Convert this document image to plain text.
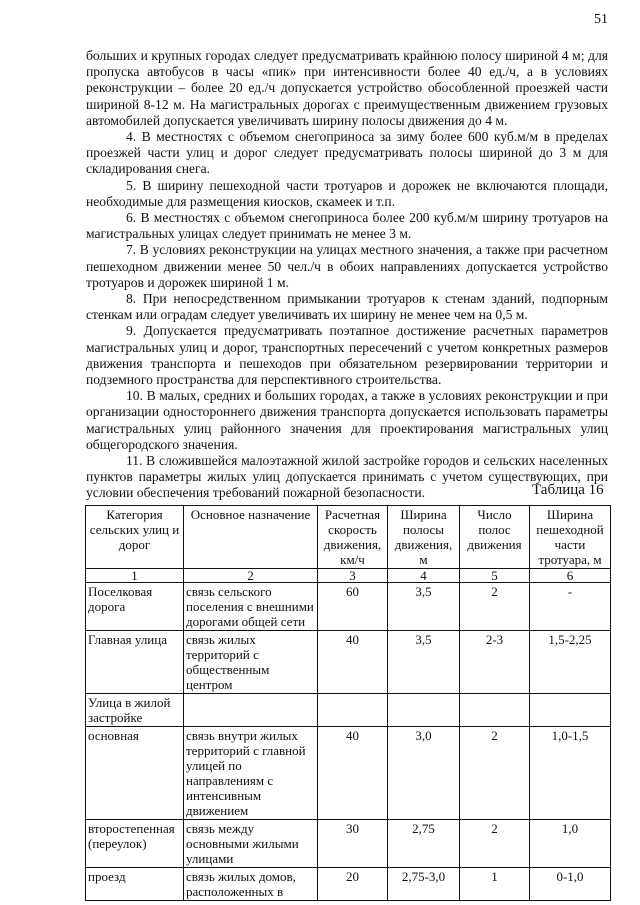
51

больших и крупных городах следует предусматривать крайнюю полосу шириной 4 м; для пропуска автобусов в часы «пик» при интенсивности более 40 ед./ч, а в условиях реконструкции – более 20 ед./ч допускается устройство обособленной проезжей части шириной 8-12 м. На магистральных дорогах с преимущественным движением грузовых автомобилей допускается увеличивать ширину полосы движения до 4 м.

4. В местностях с объемом снегоприноса за зиму более 600 куб.м/м в пределах проезжей части улиц и дорог следует предусматривать полосы шириной до 3 м для складирования снега.

5. В ширину пешеходной части тротуаров и дорожек не включаются площади, необходимые для размещения киосков, скамеек и т.п.

6. В местностях с объемом снегоприноса более 200 куб.м/м ширину тротуаров на магистральных улицах следует принимать не менее 3 м.

7. В условиях реконструкции на улицах местного значения, а также при расчетном пешеходном движении менее 50 чел./ч в обоих направлениях допускается устройство тротуаров и дорожек шириной 1 м.

8. При непосредственном примыкании тротуаров к стенам зданий, подпорным стенкам или оградам следует увеличивать их ширину не менее чем на 0,5 м.

9. Допускается предусматривать поэтапное достижение расчетных параметров магистральных улиц и дорог, транспортных пересечений с учетом конкретных размеров движения транспорта и пешеходов при обязательном резервировании территории и подземного пространства для перспективного строительства.

10. В малых, средних и больших городах, а также в условиях реконструкции и при организации одностороннего движения транспорта допускается использовать параметры магистральных улиц районного значения для проектирования магистральных улиц общегородского значения.

11. В сложившейся малоэтажной жилой застройке городов и сельских населенных пунктов параметры жилых улиц допускается принимать с учетом существующих, при условии обеспечения требований пожарной безопасности.	Таблица 16
Категория сельских улиц и дорог	Основное назначение	Расчетная скорость движения, км/ч	Ширина полосы движения, м	Число полос движения	Ширина пешеходной части тротуара, м
1	2	3	4	5	6
Поселковая дорога	связь сельского поселения с внешними дорогами общей сети	60	3,5	2	-
Главная улица	связь жилых территорий с общественным центром	40	3,5	2-3	1,5-2,25
Улица в жилой застройке					
основная	связь внутри жилых территорий с главной улицей по направлениям с интенсивным движением	40	3,0	2	1,0-1,5
второстепенная (переулок)	связь между основными жилыми улицами	30	2,75	2	1,0
проезд	связь жилых домов, расположенных в	20	2,75-3,0	1	0-1,0
